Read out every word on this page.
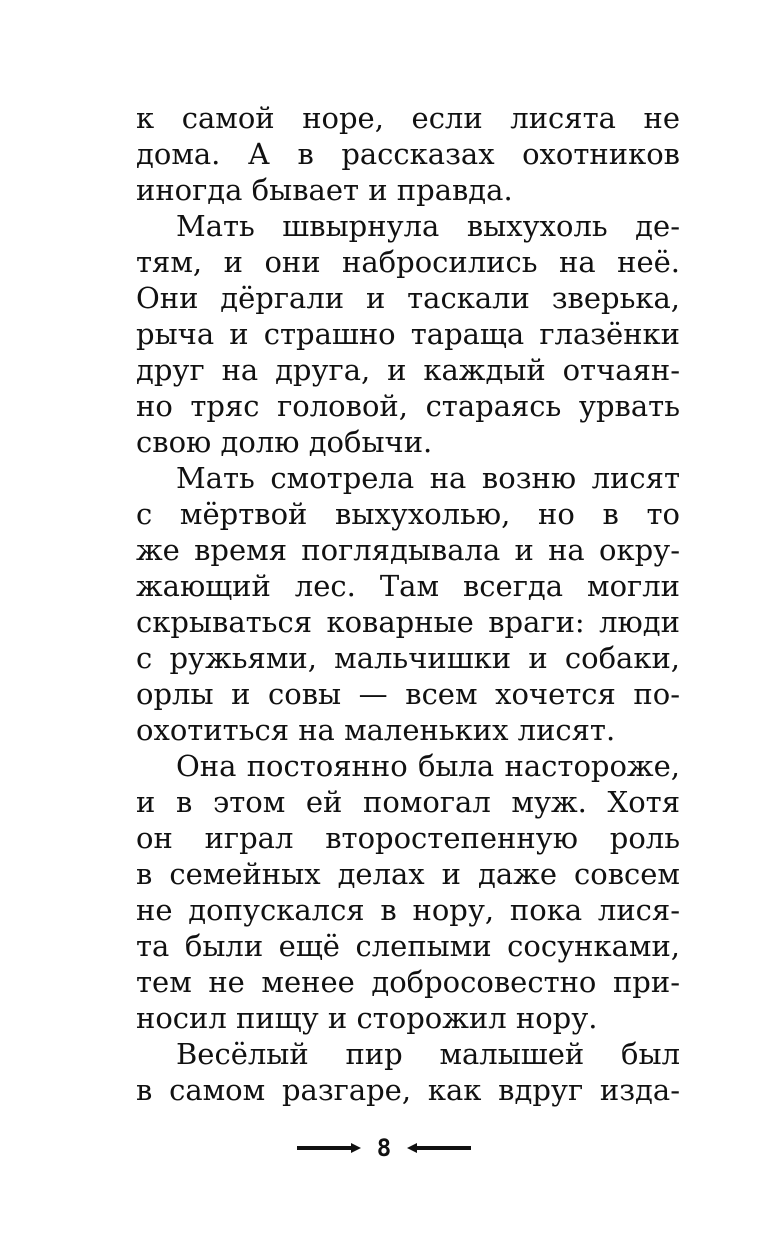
к самой норе, если лисята не
дома. А в рассказах охотников
иногда бывает и правда.
Мать швырнула выхухоль де-
тям, и они набросились на неё.
Они дёргали и таскали зверька,
рыча и страшно тараща глазёнки
друг на друга, и каждый отчаян-
но тряс головой, стараясь урвать
свою долю добычи.
Мать смотрела на возню лисят
с мёртвой выхухолью, но в то
же время поглядывала и на окру-
жающий лес. Там всегда могли
скрываться коварные враги: люди
с ружьями, мальчишки и собаки,
орлы и совы — всем хочется по-
охотиться на маленьких лисят.
Она постоянно была настороже,
и в этом ей помогал муж. Хотя
он играл второстепенную роль
в семейных делах и даже совсем
не допускался в нору, пока лися-
та были ещё слепыми сосунками,
тем не менее добросовестно при-
носил пищу и сторожил нору.
Весёлый пир малышей был
в самом разгаре, как вдруг изда-
8
